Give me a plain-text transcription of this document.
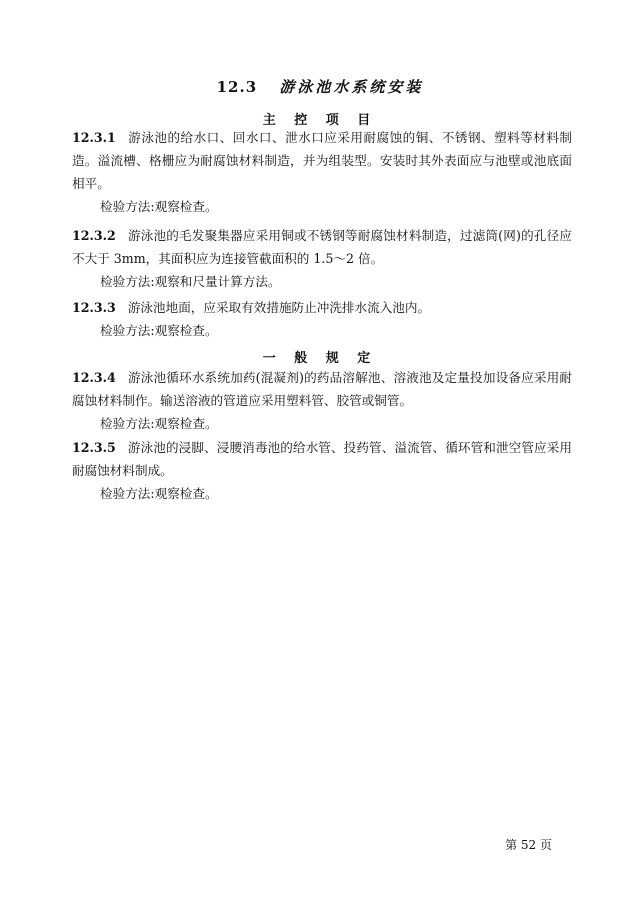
12.3 游泳池水系统安装
主 控 项 目
12.3.1 游泳池的给水口、回水口、泄水口应采用耐腐蚀的铜、不锈钢、塑料等材料制造。溢流槽、格栅应为耐腐蚀材料制造，并为组装型。安装时其外表面应与池壁或池底面相平。
检验方法:观察检查。
12.3.2 游泳池的毛发聚集器应采用铜或不锈钢等耐腐蚀材料制造，过滤筒(网)的孔径应不大于 3mm，其面积应为连接管截面积的 1.5～2 倍。
检验方法:观察和尺量计算方法。
12.3.3 游泳池地面，应采取有效措施防止冲洗排水流入池内。
检验方法:观察检查。
一 般 规 定
12.3.4 游泳池循环水系统加药(混凝剂)的药品溶解池、溶液池及定量投加设备应采用耐腐蚀材料制作。输送溶液的管道应采用塑料管、胶管或铜管。
检验方法:观察检查。
12.3.5 游泳池的浸脚、浸腰消毒池的给水管、投药管、溢流管、循环管和泄空管应采用耐腐蚀材料制成。
检验方法:观察检查。
第 52 页
